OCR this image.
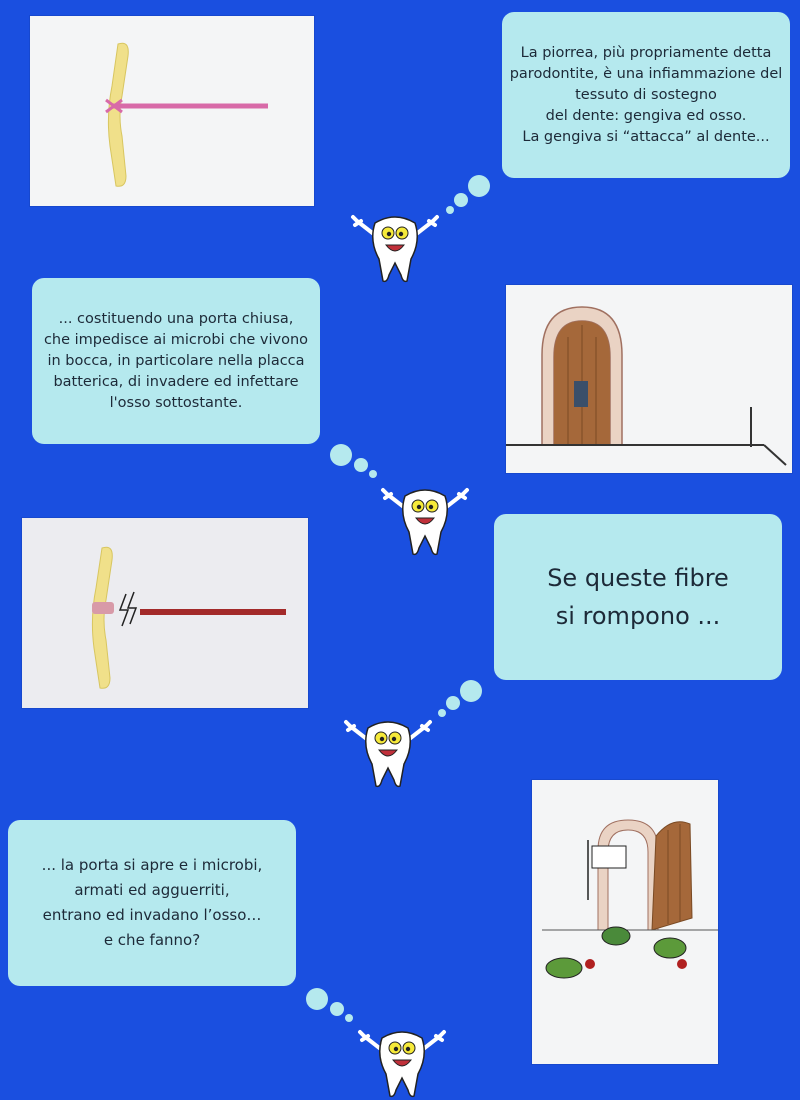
La piorrea, più propriamente detta
parodontite, è una infiammazione del
tessuto di sostegno
del dente: gengiva ed osso.
La gengiva si “attacca” al dente...
... costituendo una porta chiusa,
che impedisce ai microbi che vivono
in bocca, in particolare nella placca
batterica, di invadere ed infettare
l'osso sottostante.
Se queste fibre
si rompono ...
... la porta si apre e i microbi,
armati ed agguerriti,
entrano ed invadano l’osso…
e che fanno?
